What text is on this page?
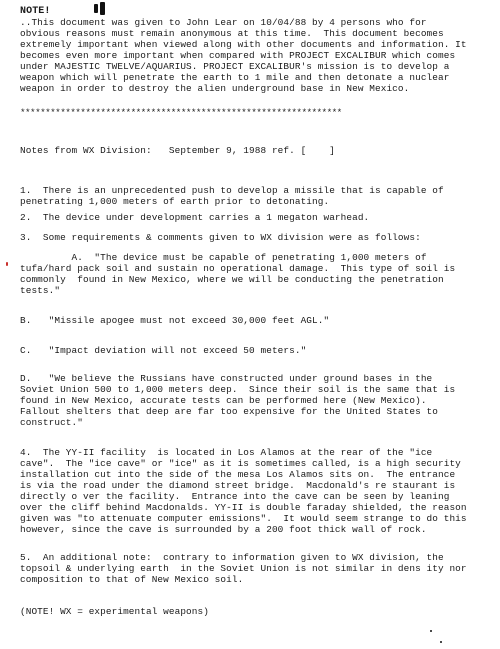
NOTE!
..This document was given to John Lear on 10/04/88 by 4 persons who for
obvious reasons must remain anonymous at this time.  This document becomes
extremely important when viewed along with other documents and information. It
becomes even more important when compared with PROJECT EXCALIBUR which comes
under MAJESTIC TWELVE/AQUARIUS. PROJECT EXCALIBUR's mission is to develop a
weapon which will penetrate the earth to 1 mile and then detonate a nuclear
weapon in order to destroy the alien underground base in New Mexico.
****************************************************************
Notes from WX Division:   September 9, 1988 ref. [    ]
1.  There is an unprecedented push to develop a missile that is capable of
penetrating 1,000 meters of earth prior to detonating.
2.  The device under development carries a 1 megaton warhead.
3.  Some requirements & comments given to WX division were as follows:
A.  "The device must be capable of penetrating 1,000 meters of
tufa/hard pack soil and sustain no operational damage.  This type of soil is
commonly  found in New Mexico, where we will be conducting the penetration
tests."
B.   "Missile apogee must not exceed 30,000 feet AGL."
C.   "Impact deviation will not exceed 50 meters."
D.   "We believe the Russians have constructed under ground bases in the
Soviet Union 500 to 1,000 meters deep.  Since their soil is the same that is
found in New Mexico, accurate tests can be performed here (New Mexico).
Fallout shelters that deep are far too expensive for the United States to
construct."
4.  The YY-II facility  is located in Los Alamos at the rear of the "ice
cave".  The "ice cave" or "ice" as it is sometimes called, is a high security
installation cut into the side of the mesa Los Alamos sits on.  The entrance
is via the road under the diamond street bridge.  Macdonald's re staurant is
directly o ver the facility.  Entrance into the cave can be seen by leaning
over the cliff behind Macdonalds. YY-II is double faraday shielded, the reason
given was "to attenuate computer emissions".  It would seem strange to do this
however, since the cave is surrounded by a 200 foot thick wall of rock.
5.  An additional note:  contrary to information given to WX division, the
topsoil & underlying earth  in the Soviet Union is not similar in dens ity nor
composition to that of New Mexico soil.
(NOTE! WX = experimental weapons)
